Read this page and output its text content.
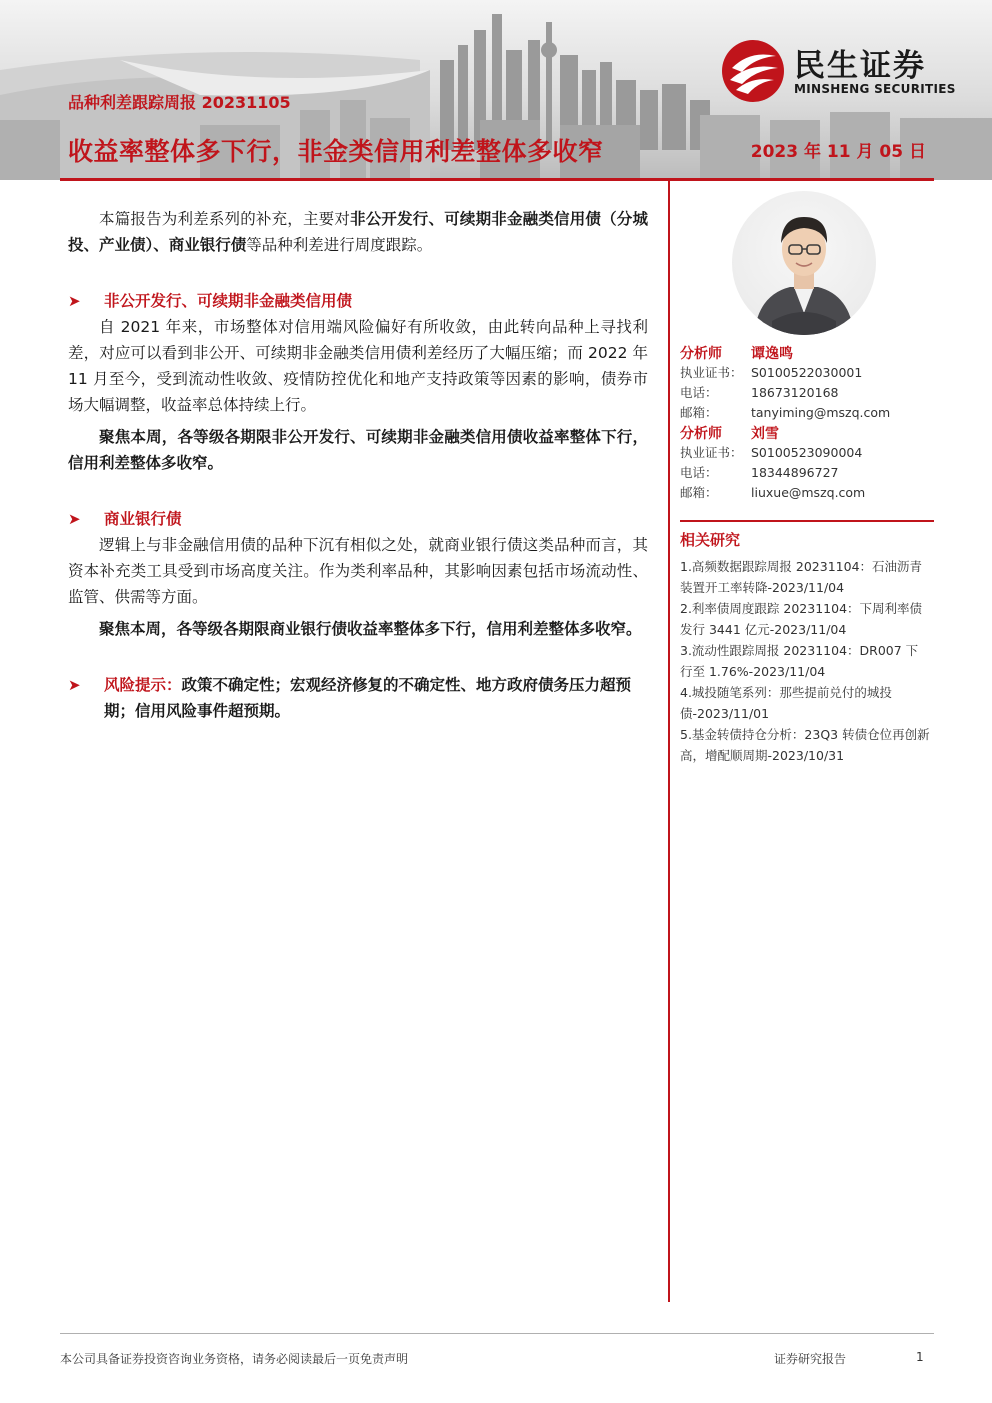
品种利差跟踪周报 20231105
收益率整体多下行，非金类信用利差整体多收窄	2023 年 11 月 05 日
民生证券
MINSHENG SECURITIES

本篇报告为利差系列的补充，主要对非公开发行、可续期非金融类信用债（分城投、产业债）、商业银行债等品种利差进行周度跟踪。

➤ 非公开发行、可续期非金融类信用债

自 2021 年来，市场整体对信用端风险偏好有所收敛，由此转向品种上寻找利差，对应可以看到非公开、可续期非金融类信用债利差经历了大幅压缩；而 2022 年 11 月至今，受到流动性收敛、疫情防控优化和地产支持政策等因素的影响，债券市场大幅调整，收益率总体持续上行。

聚焦本周，各等级各期限非公开发行、可续期非金融类信用债收益率整体下行，信用利差整体多收窄。

➤ 商业银行债

逻辑上与非金融信用债的品种下沉有相似之处，就商业银行债这类品种而言，其资本补充类工具受到市场高度关注。作为类利率品种，其影响因素包括市场流动性、监管、供需等方面。

聚焦本周，各等级各期限商业银行债收益率整体多下行，信用利差整体多收窄。

➤ 风险提示：政策不确定性；宏观经济修复的不确定性、地方政府债务压力超预期；信用风险事件超预期。

分析师 谭逸鸣
执业证书： S0100522030001
电话：	18673120168
邮箱：	tanyiming@mszq.com
分析师 刘雪
执业证书： S0100523090004
电话：	18344896727
邮箱：	liuxue@mszq.com
相关研究
1.高频数据跟踪周报 20231104：石油沥青装置开工率转降-2023/11/04
2.利率债周度跟踪 20231104：下周利率债发行 3441 亿元-2023/11/04
3.流动性跟踪周报 20231104：DR007 下行至 1.76%-2023/11/04
4.城投随笔系列：那些提前兑付的城投债-2023/11/01
5.基金转债持仓分析：23Q3 转债仓位再创新高，增配顺周期-2023/10/31
本公司具备证券投资咨询业务资格，请务必阅读最后一页免责声明	证券研究报告	1
